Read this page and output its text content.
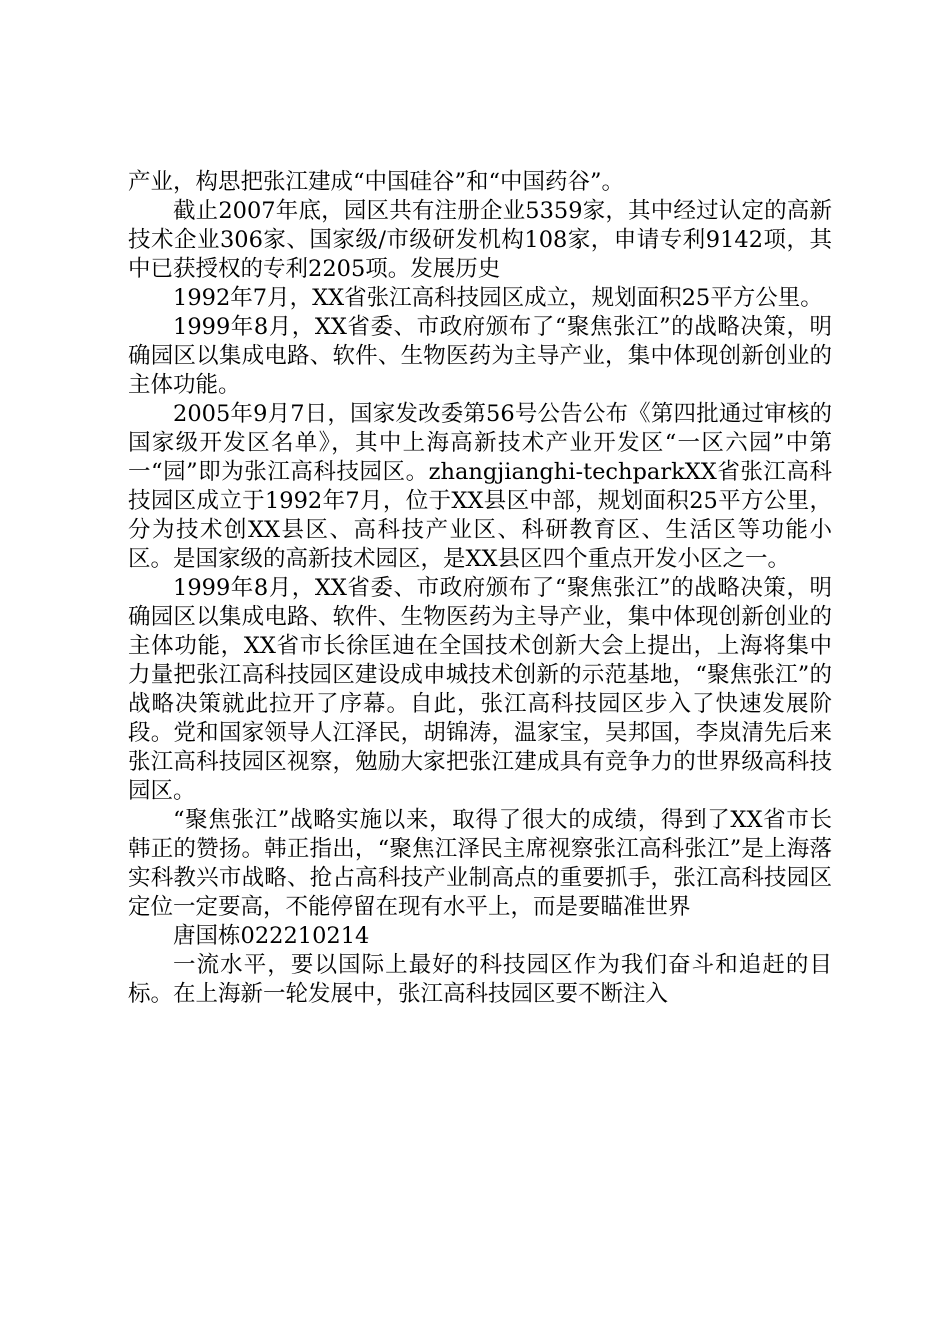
产业，构思把张江建成“中国硅谷”和“中国药谷”。

截止2007年底，园区共有注册企业5359家，其中经过认定的高新技术企业306家、国家级/市级研发机构108家，申请专利9142项，其中已获授权的专利2205项。发展历史

1992年7月，XX省张江高科技园区成立，规划面积25平方公里。

1999年8月，XX省委、市政府颁布了“聚焦张江”的战略决策，明确园区以集成电路、软件、生物医药为主导产业，集中体现创新创业的主体功能。

2005年9月7日，国家发改委第56号公告公布《第四批通过审核的国家级开发区名单》，其中上海高新技术产业开发区“一区六园”中第一“园”即为张江高科技园区。zhangjianghi-techparkXX省张江高科技园区成立于1992年7月，位于XX县区中部，规划面积25平方公里，分为技术创XX县区、高科技产业区、科研教育区、生活区等功能小区。是国家级的高新技术园区，是XX县区四个重点开发小区之一。

1999年8月，XX省委、市政府颁布了“聚焦张江”的战略决策，明确园区以集成电路、软件、生物医药为主导产业，集中体现创新创业的主体功能，XX省市长徐匡迪在全国技术创新大会上提出，上海将集中力量把张江高科技园区建设成申城技术创新的示范基地，“聚焦张江”的战略决策就此拉开了序幕。自此，张江高科技园区步入了快速发展阶段。党和国家领导人江泽民，胡锦涛，温家宝，吴邦国，李岚清先后来张江高科技园区视察，勉励大家把张江建成具有竞争力的世界级高科技园区。

“聚焦张江”战略实施以来，取得了很大的成绩，得到了XX省市长韩正的赞扬。韩正指出，“聚焦江泽民主席视察张江高科张江”是上海落实科教兴市战略、抢占高科技产业制高点的重要抓手，张江高科技园区定位一定要高，不能停留在现有水平上，而是要瞄准世界

唐国栋022210214

一流水平，要以国际上最好的科技园区作为我们奋斗和追赶的目标。在上海新一轮发展中，张江高科技园区要不断注入
